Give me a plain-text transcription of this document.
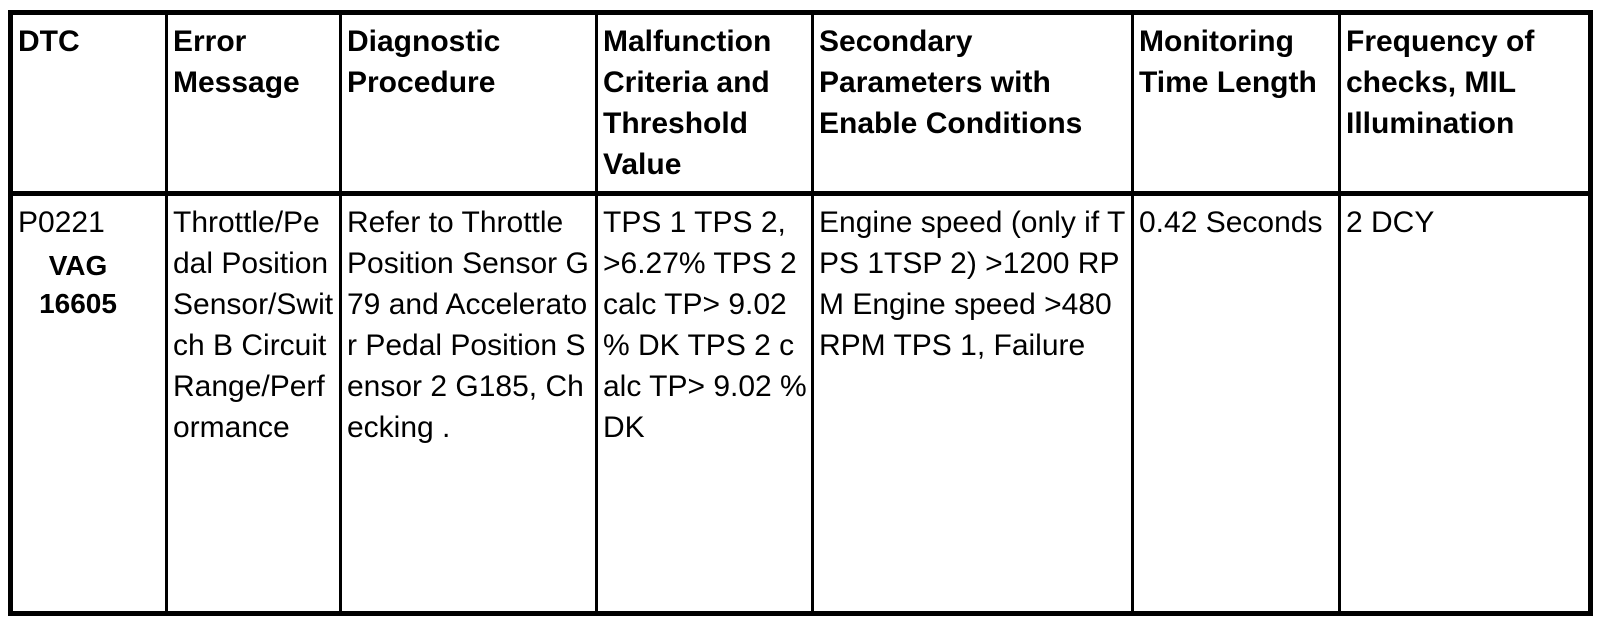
DTC	Error Message	Diagnostic Procedure	Malfunction Criteria and Threshold Value	Secondary Parameters with Enable Conditions	Monitoring Time Length	Frequency of checks, MIL Illumination

P0221
VAG
16605	Throttle/Pedal Position Sensor/Switch B Circuit Range/Performance	Refer to Throttle Position Sensor G79 and Accelerator Pedal Position Sensor 2 G185, Checking .	TPS 1 TPS 2, >6.27% TPS 2 calc TP> 9.02 % DK TPS 2 calc TP> 9.02 % DK	Engine speed (only if TPS 1TSP 2) >1200 RPM Engine speed >480 RPM TPS 1, Failure	0.42 Seconds	2 DCY
